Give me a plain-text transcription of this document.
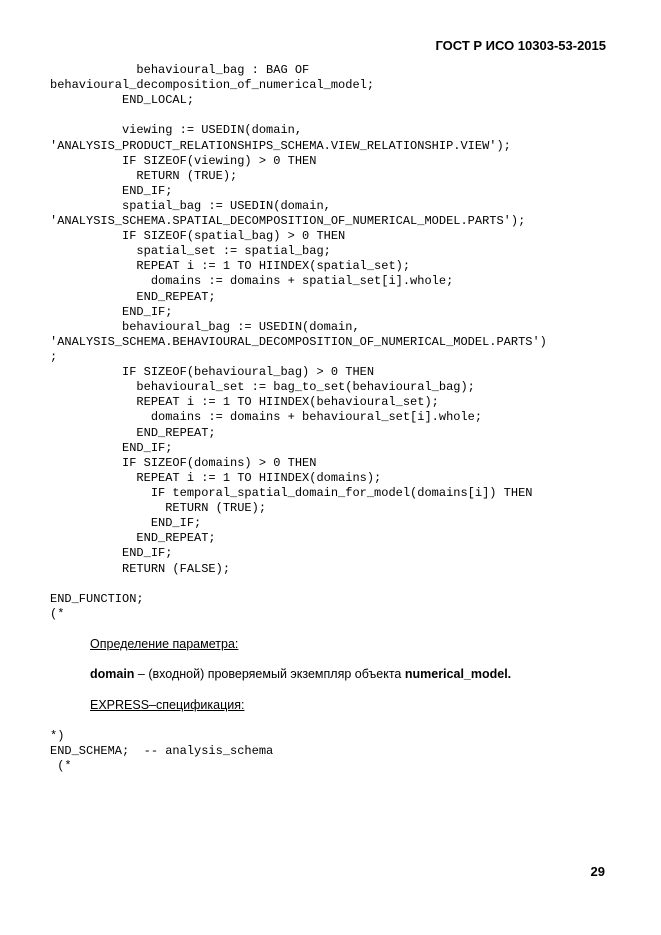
ГОСТ Р ИСО 10303-53-2015
behavioural_bag : BAG OF
behavioural_decomposition_of_numerical_model;
END_LOCAL;
viewing := USEDIN(domain,
'ANALYSIS_PRODUCT_RELATIONSHIPS_SCHEMA.VIEW_RELATIONSHIP.VIEW');
IF SIZEOF(viewing) > 0 THEN
RETURN (TRUE);
END_IF;
spatial_bag := USEDIN(domain,
'ANALYSIS_SCHEMA.SPATIAL_DECOMPOSITION_OF_NUMERICAL_MODEL.PARTS');
IF SIZEOF(spatial_bag) > 0 THEN
spatial_set := spatial_bag;
REPEAT i := 1 TO HIINDEX(spatial_set);
domains := domains + spatial_set[i].whole;
END_REPEAT;
END_IF;
behavioural_bag := USEDIN(domain,
'ANALYSIS_SCHEMA.BEHAVIOURAL_DECOMPOSITION_OF_NUMERICAL_MODEL.PARTS')
;
IF SIZEOF(behavioural_bag) > 0 THEN
behavioural_set := bag_to_set(behavioural_bag);
REPEAT i := 1 TO HIINDEX(behavioural_set);
domains := domains + behavioural_set[i].whole;
END_REPEAT;
END_IF;
IF SIZEOF(domains) > 0 THEN
REPEAT i := 1 TO HIINDEX(domains);
IF temporal_spatial_domain_for_model(domains[i]) THEN
RETURN (TRUE);
END_IF;
END_REPEAT;
END_IF;
RETURN (FALSE);
END_FUNCTION;
(*
Определение параметра:
domain – (входной) проверяемый экземпляр объекта numerical_model.
EXPRESS–спецификация:
*)
END_SCHEMA;  -- analysis_schema
(*
29
